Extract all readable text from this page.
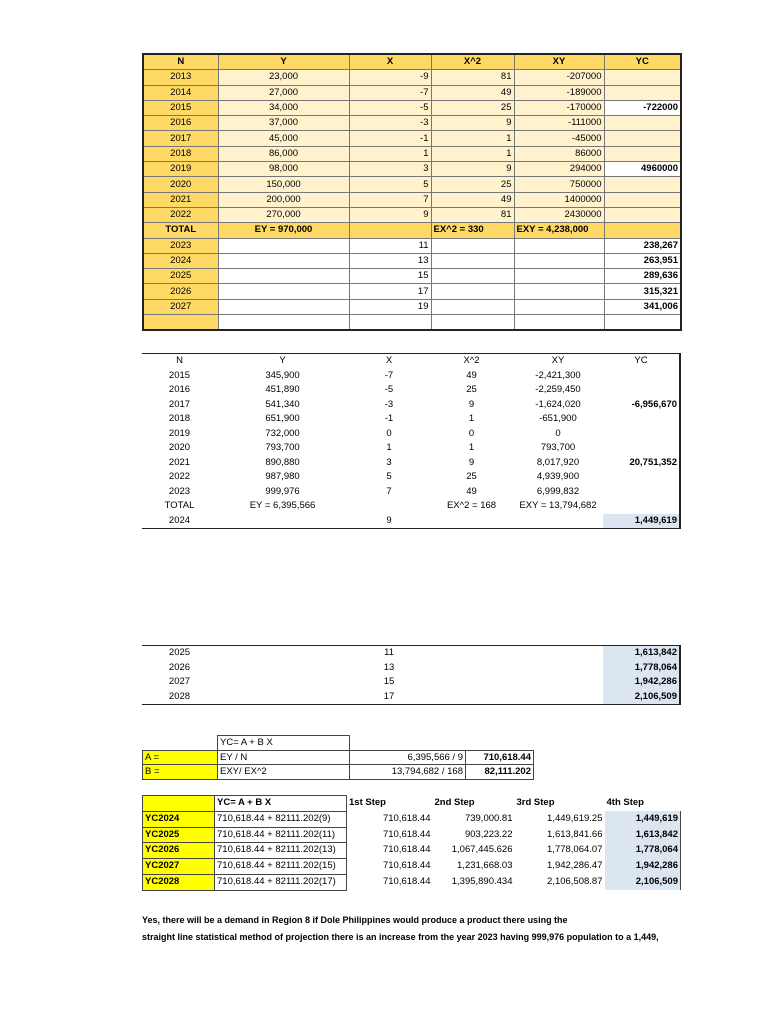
N	Y	X	X^2	XY	YC
2013	23,000	-9	81	-207000	
2014	27,000	-7	49	-189000	
2015	34,000	-5	25	-170000	-722000
2016	37,000	-3	9	-111000	
2017	45,000	-1	1	-45000	
2018	86,000	1	1	86000	
2019	98,000	3	9	294000	4960000
2020	150,000	5	25	750000	
2021	200,000	7	49	1400000	
2022	270,000	9	81	2430000	
TOTAL	EY = 970,000		EX^2 = 330	EXY = 4,238,000	
2023		11			238,267
2024		13			263,951
2025		15			289,636
2026		17			315,321
2027		19			341,006

N	Y	X	X^2	XY	YC
2015	345,900	-7	49	-2,421,300	
2016	451,890	-5	25	-2,259,450	
2017	541,340	-3	9	-1,624,020	-6,956,670
2018	651,900	-1	1	-651,900	
2019	732,000	0	0	0	
2020	793,700	1	1	793,700	
2021	890,880	3	9	8,017,920	20,751,352
2022	987,980	5	25	4,939,900	
2023	999,976	7	49	6,999,832	
TOTAL	EY = 6,395,566		EX^2 = 168	EXY = 13,794,682	
2024		9			1,449,619
2025		11			1,613,842
2026		13			1,778,064
2027		15			1,942,286
2028		17			2,106,509
	YC= A + B X		
A =	EY / N	6,395,566 / 9	710,618.44
B =	EXY/ EX^2	13,794,682 / 168	82,111.202
	YC= A + B X	1st Step	2nd Step	3rd Step	4th Step
YC2024	710,618.44 + 82111.202(9)	710,618.44	739,000.81	1,449,619.25	1,449,619
YC2025	710,618.44 + 82111.202(11)	710,618.44	903,223.22	1,613,841.66	1,613,842
YC2026	710,618.44 + 82111.202(13)	710,618.44	1,067,445.626	1,778,064.07	1,778,064
YC2027	710,618.44 + 82111.202(15)	710,618.44	1,231,668.03	1,942,286.47	1,942,286
YC2028	710,618.44 + 82111.202(17)	710,618.44	1,395,890.434	2,106,508.87	2,106,509
Yes, there will be a demand in Region 8 if Dole Philippines would produce a product there using the
straight line statistical method of projection there is an increase from the year 2023 having 999,976 population to a 1,449,
